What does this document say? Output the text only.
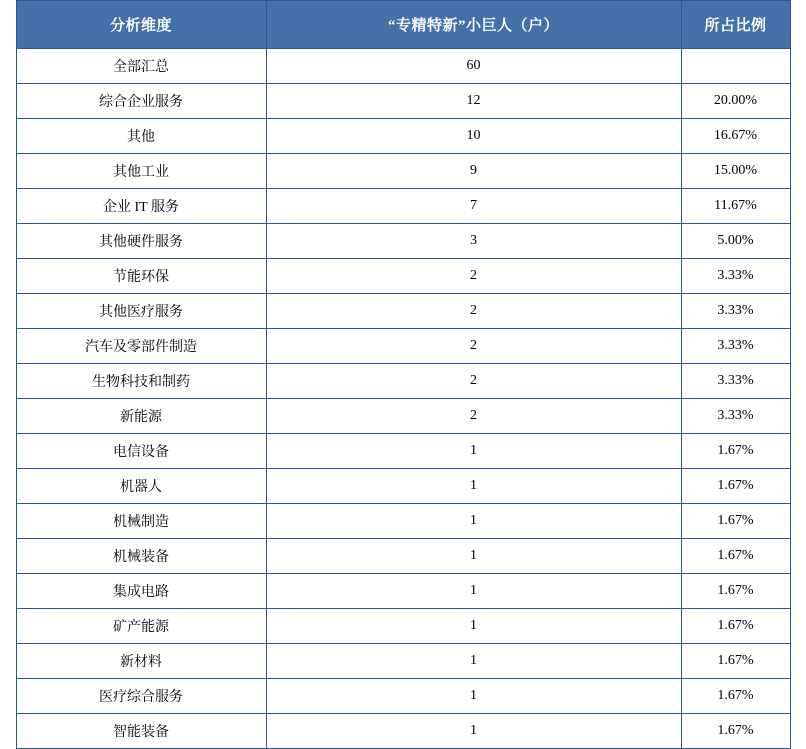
分析维度	“专精特新”小巨人（户）	所占比例
全部汇总	60	
综合企业服务	12	20.00%
其他	10	16.67%
其他工业	9	15.00%
企业 IT 服务	7	11.67%
其他硬件服务	3	5.00%
节能环保	2	3.33%
其他医疗服务	2	3.33%
汽车及零部件制造	2	3.33%
生物科技和制药	2	3.33%
新能源	2	3.33%
电信设备	1	1.67%
机器人	1	1.67%
机械制造	1	1.67%
机械装备	1	1.67%
集成电路	1	1.67%
矿产能源	1	1.67%
新材料	1	1.67%
医疗综合服务	1	1.67%
智能装备	1	1.67%
